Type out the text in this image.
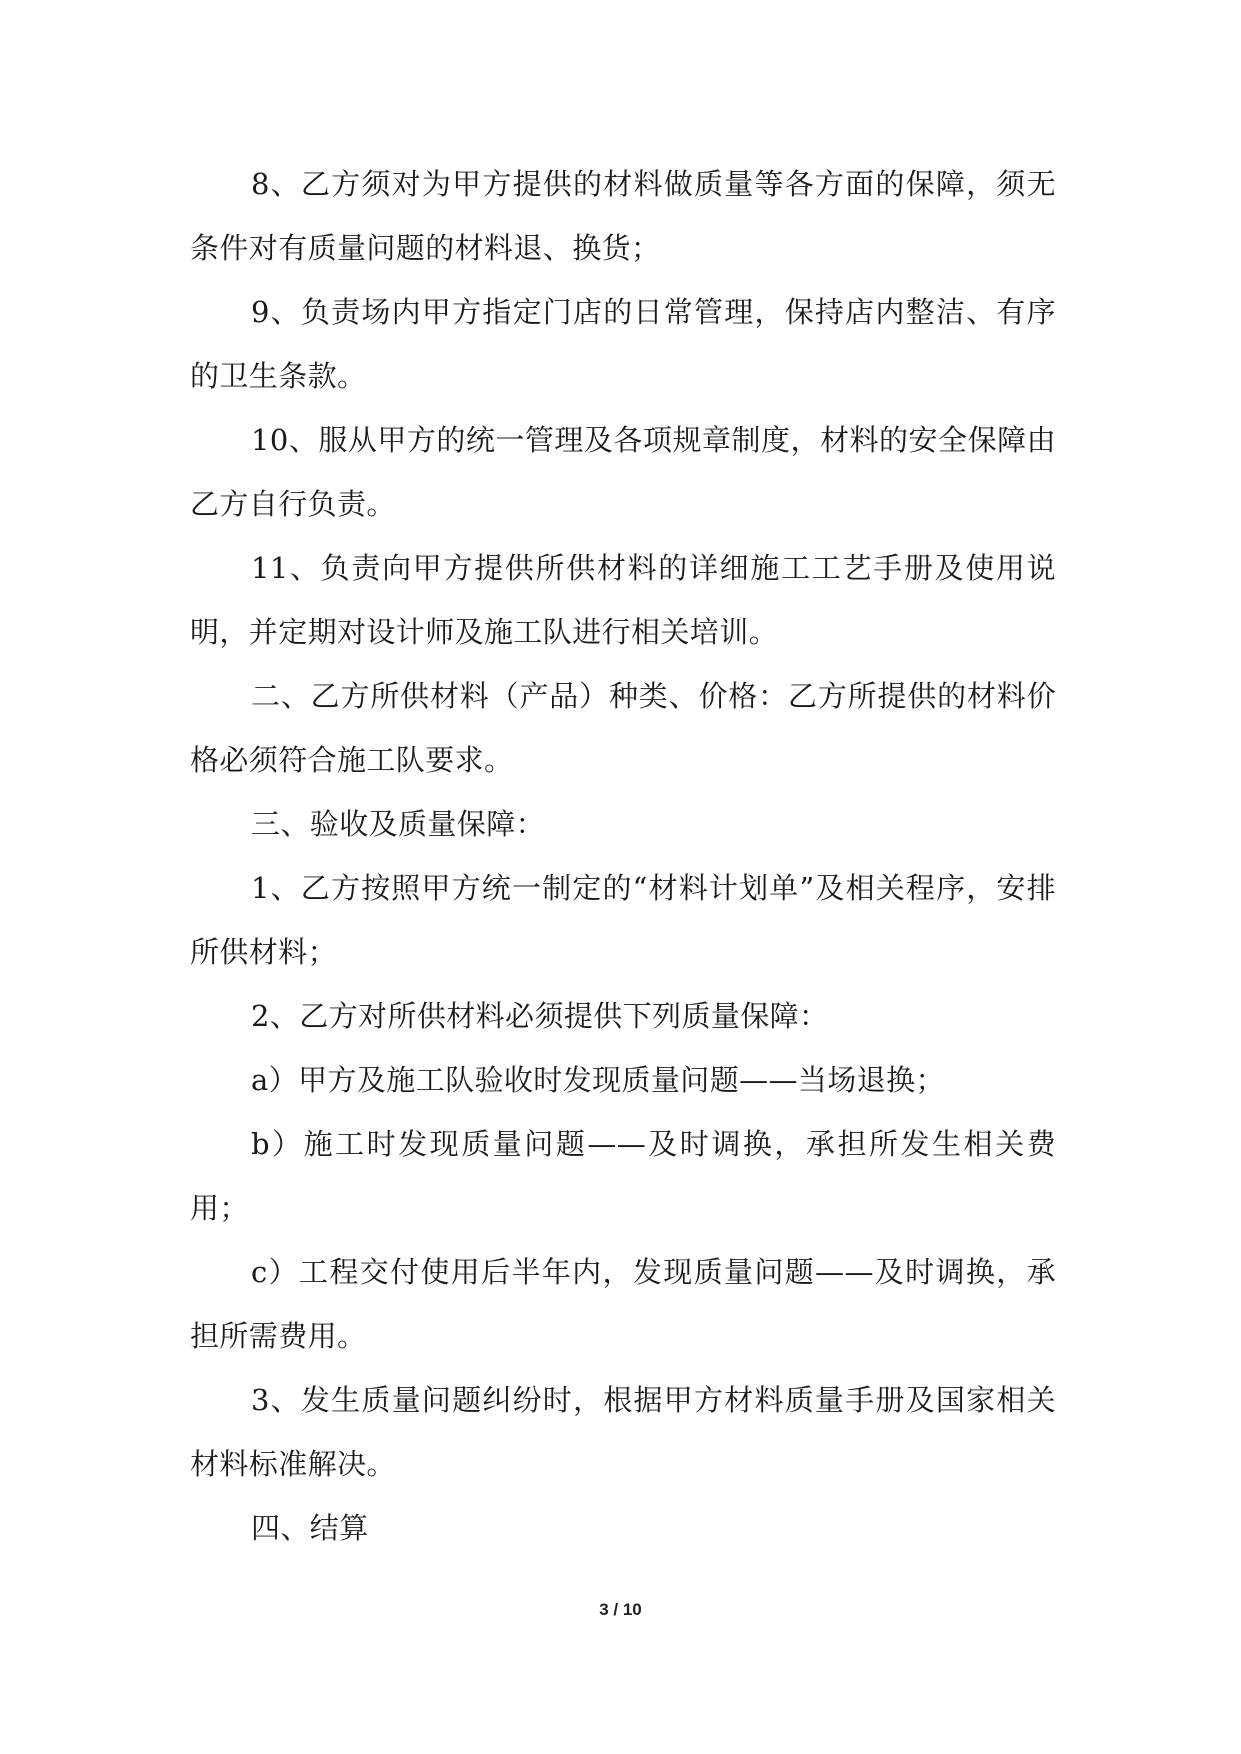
8、乙方须对为甲方提供的材料做质量等各方面的保障，须无条件对有质量问题的材料退、换货；

9、负责场内甲方指定门店的日常管理，保持店内整洁、有序的卫生条款。

10、服从甲方的统一管理及各项规章制度，材料的安全保障由乙方自行负责。

11、负责向甲方提供所供材料的详细施工工艺手册及使用说明，并定期对设计师及施工队进行相关培训。

二、乙方所供材料（产品）种类、价格：乙方所提供的材料价格必须符合施工队要求。

三、验收及质量保障：

1、乙方按照甲方统一制定的“材料计划单”及相关程序，安排所供材料；

2、乙方对所供材料必须提供下列质量保障：

a）甲方及施工队验收时发现质量问题——当场退换；

b）施工时发现质量问题——及时调换，承担所发生相关费用；

c）工程交付使用后半年内，发现质量问题——及时调换，承担所需费用。

3、发生质量问题纠纷时，根据甲方材料质量手册及国家相关材料标准解决。

四、结算

3 / 10
